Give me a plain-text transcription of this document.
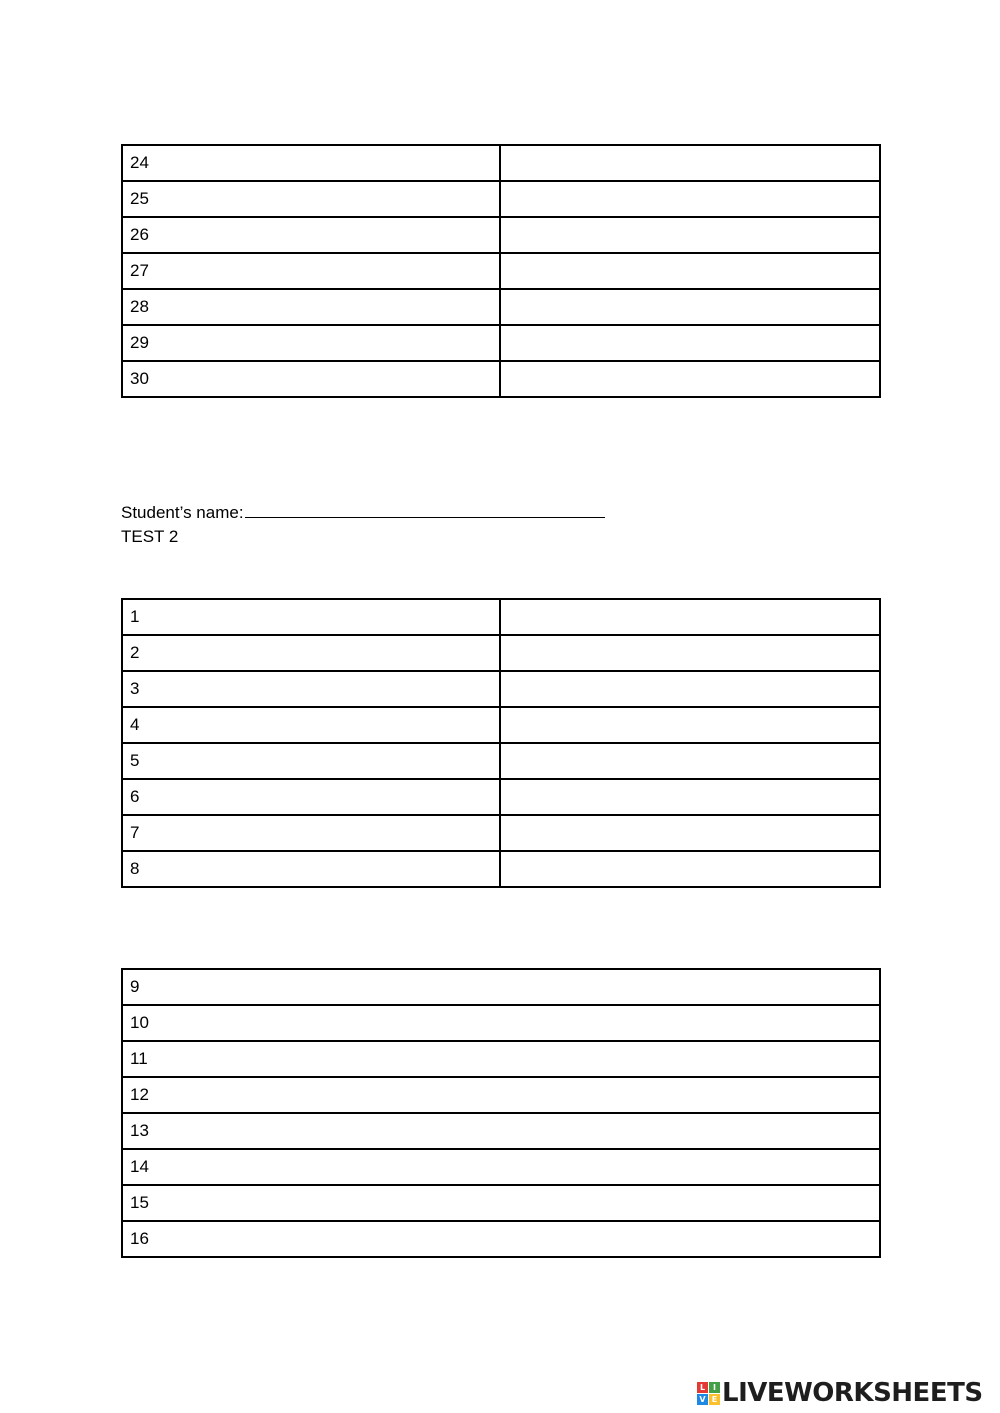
24	
25	
26	
27	
28	
29	
30	
Student’s name:
TEST 2
1	
2	
3	
4	
5	
6	
7	
8	
9
10
11
12
13
14
15
16
L I
V E LIVEWORKSHEETS
